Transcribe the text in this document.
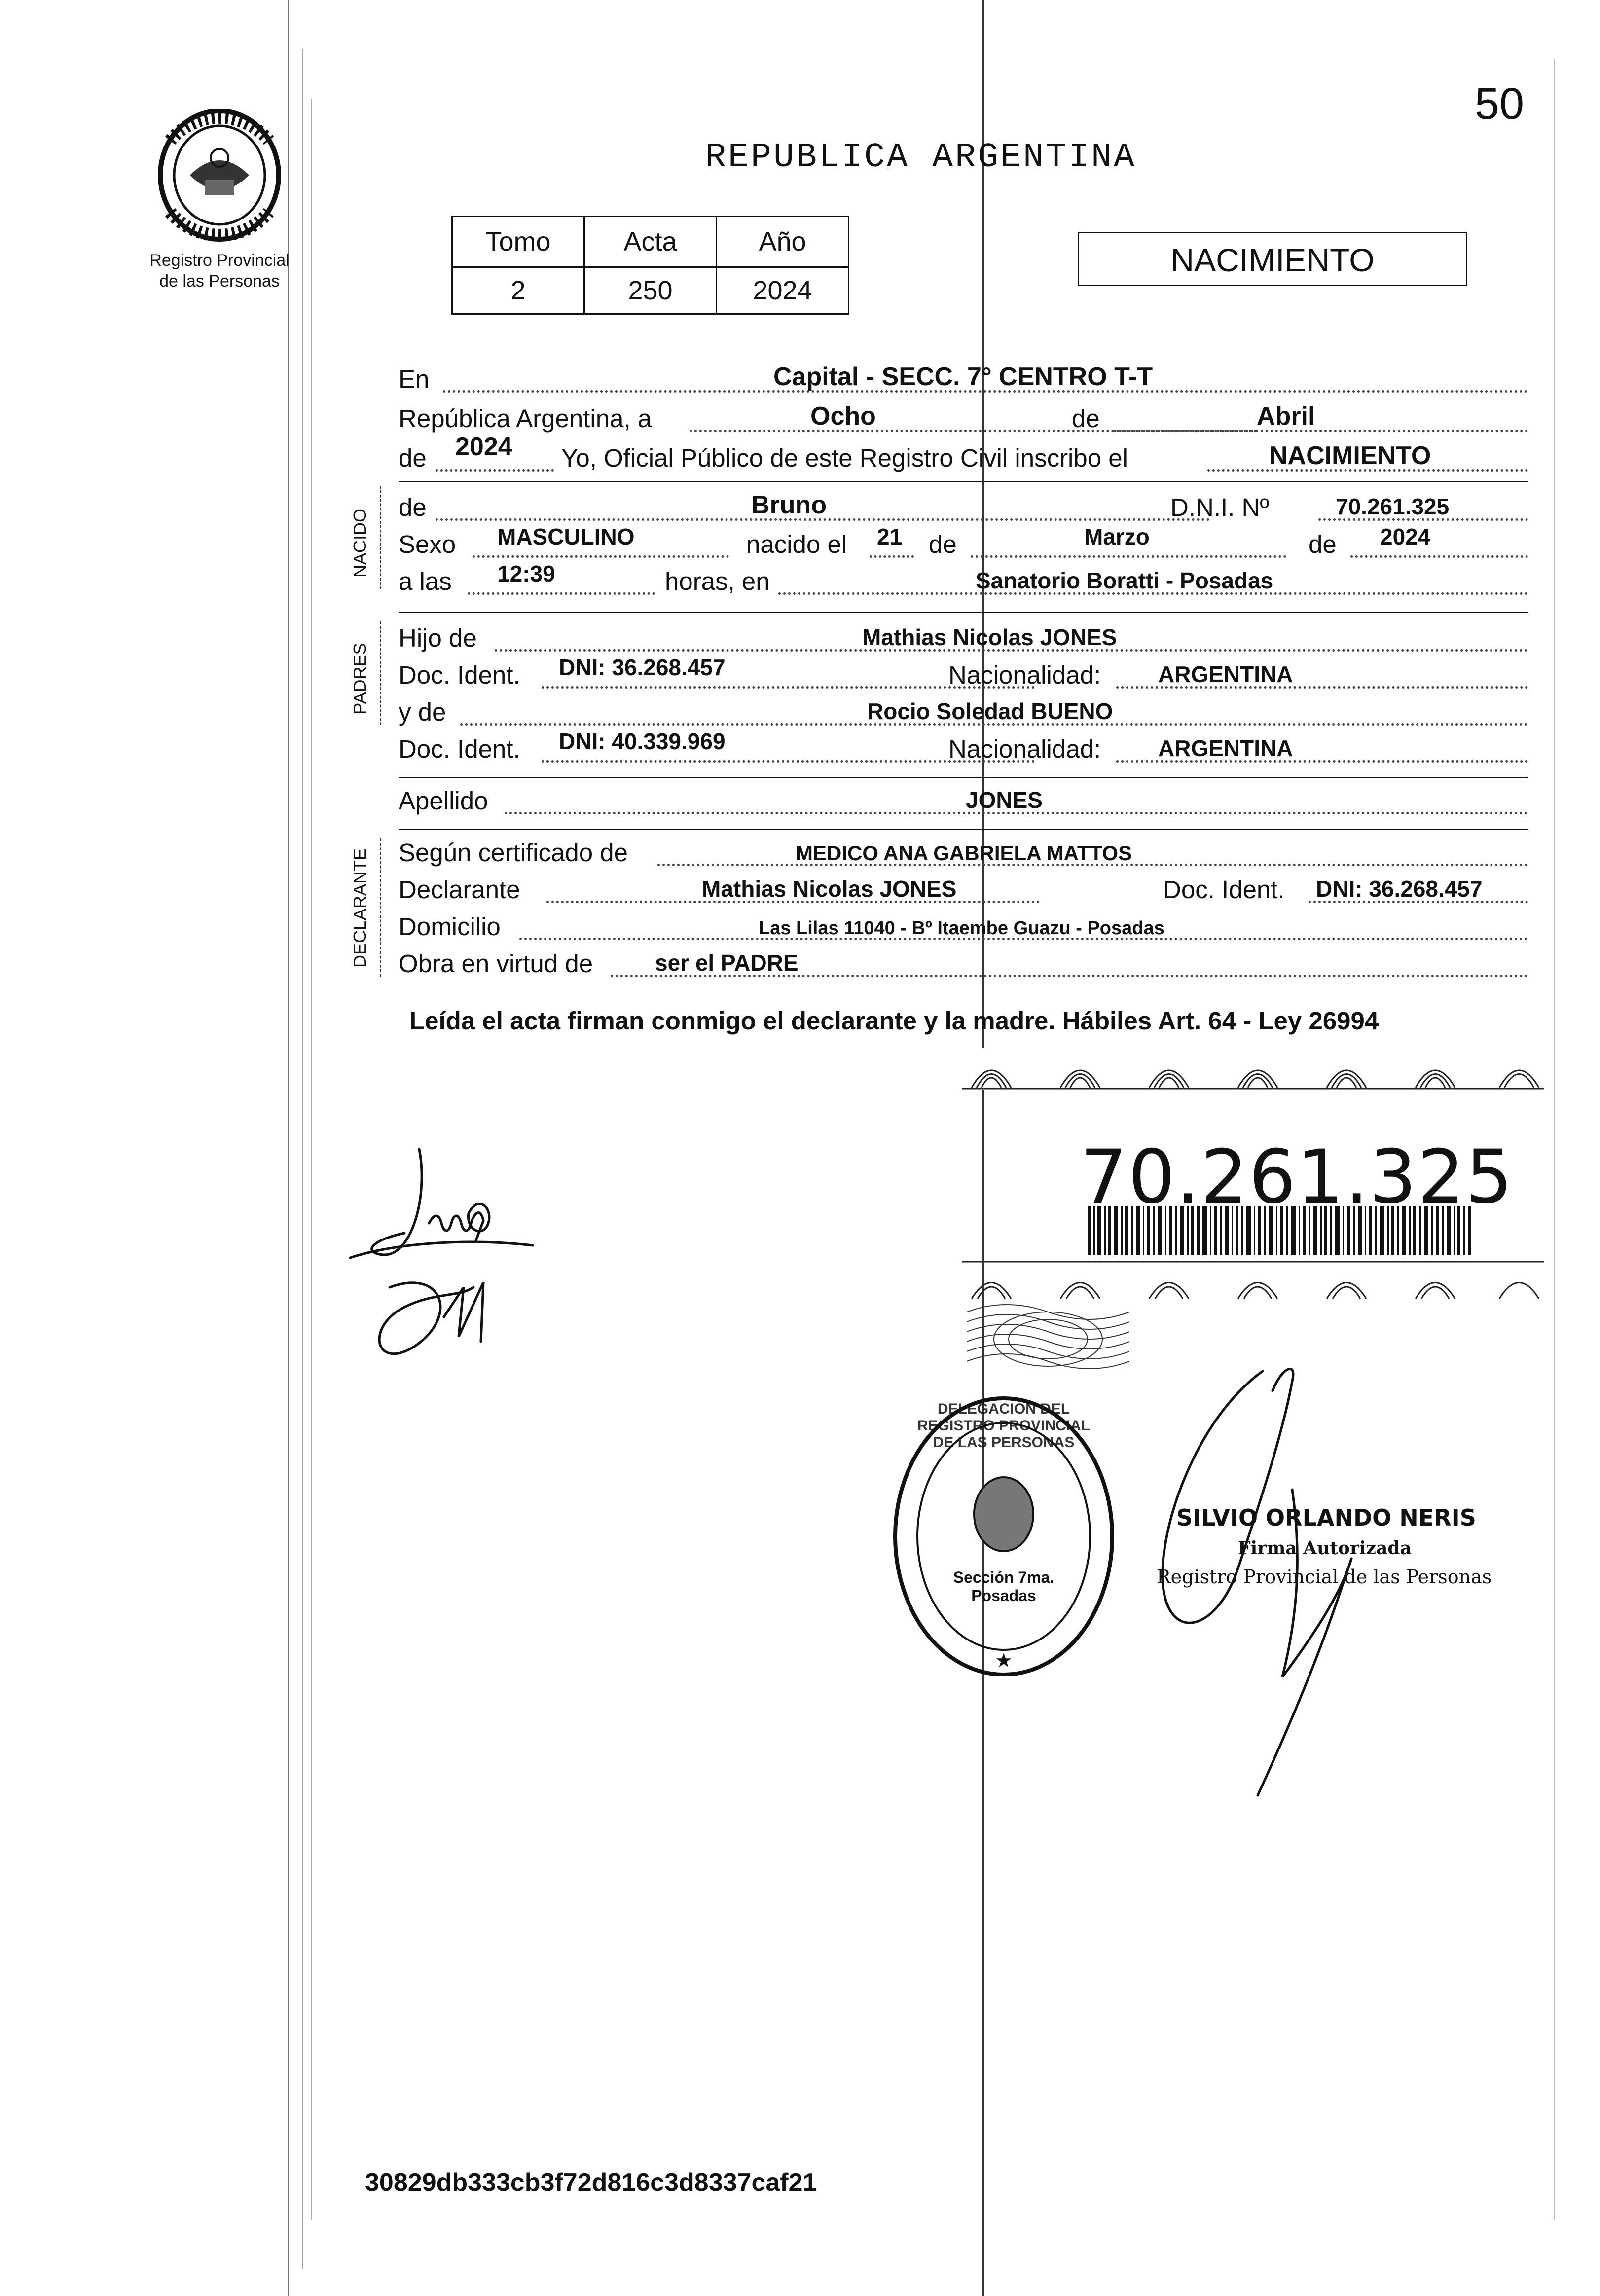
50
Registro Provincial
de las Personas
REPUBLICA ARGENTINA
Tomo	Acta	Año
2	250	2024
NACIMIENTO
NACIDO
PADRES
DECLARANTE
En	Capital - SECC. 7° CENTRO T-T
República Argentina, a	Ocho	de	Abril
de 2024 Yo, Oficial Público de este Registro Civil inscribo el	NACIMIENTO
de	Bruno	D.N.I. Nº	70.261.325
Sexo MASCULINO	nacido el 21 de	Marzo	de 2024
a las 12:39	horas, en	Sanatorio Boratti - Posadas
Hijo de	Mathias Nicolas JONES
Doc. Ident. DNI: 36.268.457	Nacionalidad:	ARGENTINA
y de	Rocio Soledad BUENO
Doc. Ident. DNI: 40.339.969	Nacionalidad:	ARGENTINA
Apellido	JONES
Según certificado de	MEDICO ANA GABRIELA MATTOS
Declarante	Mathias Nicolas JONES	Doc. Ident. DNI: 36.268.457
Domicilio	Las Lilas 11040 - Bº Itaembe Guazu - Posadas
Obra en virtud de	ser el PADRE
Leída el acta firman conmigo el declarante y la madre. Hábiles Art. 64 - Ley 26994
70.261.325
★
DELEGACION DEL REGISTRO PROVINCIAL DE LAS PERSONAS
Sección 7ma. Posadas
SILVIO ORLANDO NERIS
Firma Autorizada
Registro Provincial de las Personas
30829db333cb3f72d816c3d8337caf21
